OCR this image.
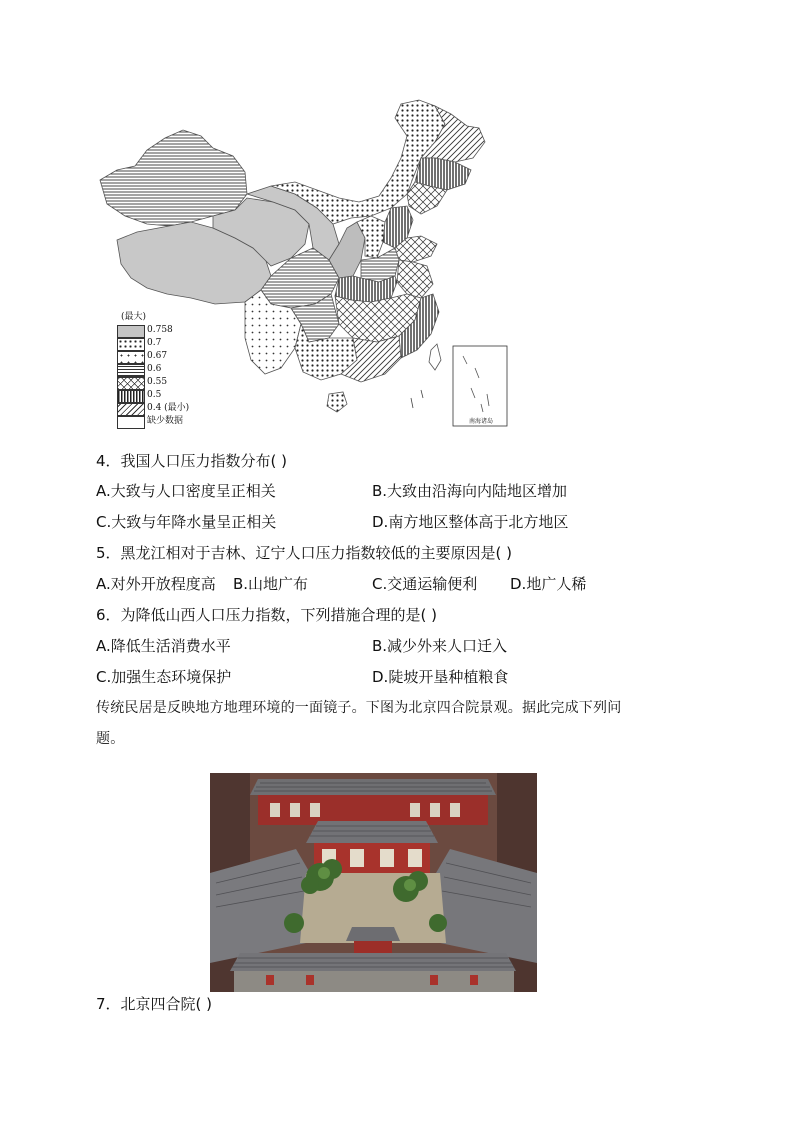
南海诸岛
(最大)
0.758
0.7
0.67
0.6
0.55
0.5
0.4 (最小)
缺少数据
4．我国人口压力指数分布( )
A.大致与人口密度呈正相关	B.大致由沿海向内陆地区增加
C.大致与年降水量呈正相关	D.南方地区整体高于北方地区
5．黑龙江相对于吉林、辽宁人口压力指数较低的主要原因是( )
A.对外开放程度高 B.山地广布	C.交通运输便利 D.地广人稀
6．为降低山西人口压力指数，下列措施合理的是( )
A.降低生活消费水平	B.减少外来人口迁入
C.加强生态环境保护	D.陡坡开垦种植粮食
传统民居是反映地方地理环境的一面镜子。下图为北京四合院景观。据此完成下列问
题。
7．北京四合院( )
